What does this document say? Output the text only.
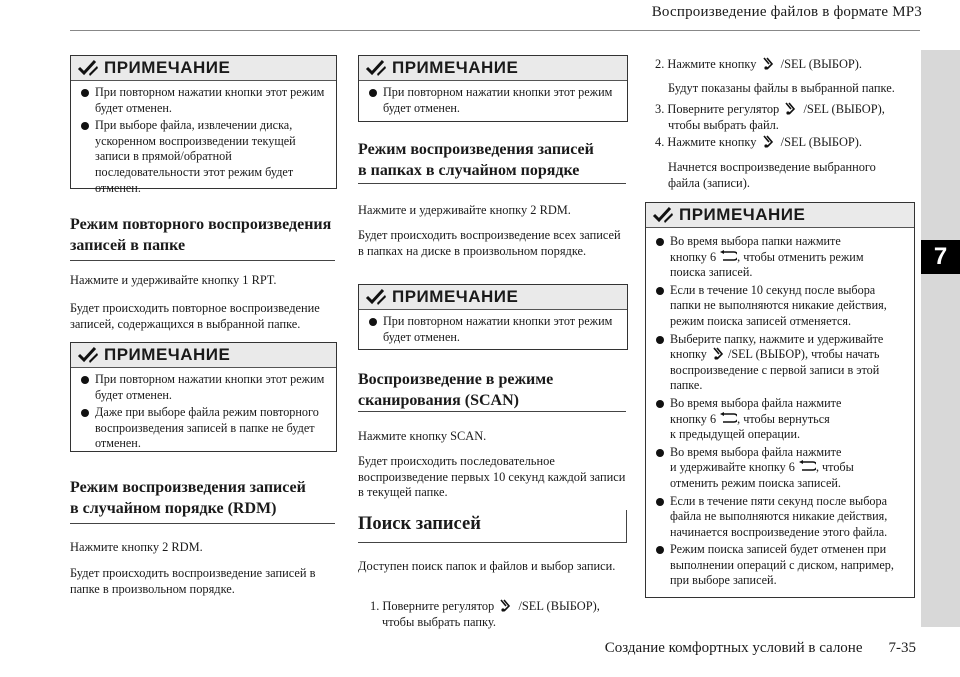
Воспроизведение файлов в формате MP3
7
Создание комфортных условий в салоне 7-35
ПРИМЕЧАНИЕ
При повторном нажатии кнопки этот режим будет отменен.
При выборе файла, извлечении диска, ускоренном воспроизведении текущей записи в прямой/обратной последовательности этот режим будет отменен.
Режим повторного воспроизведения
записей в папке
Нажмите и удерживайте кнопку 1 RPT.
Будет происходить повторное воспроизведение записей, содержащихся в выбранной папке.
ПРИМЕЧАНИЕ
При повторном нажатии кнопки этот режим будет отменен.
Даже при выборе файла режим повторного воспроизведения записей в папке не будет отменен.
Режим воспроизведения записей
в случайном порядке (RDM)
Нажмите кнопку 2 RDM.
Будет происходить воспроизведение записей в папке в произвольном порядке.
ПРИМЕЧАНИЕ
При повторном нажатии кнопки этот режим будет отменен.
Режим воспроизведения записей
в папках в случайном порядке
Нажмите и удерживайте кнопку 2 RDM.
Будет происходить воспроизведение всех записей в папках на диске в произвольном порядке.
ПРИМЕЧАНИЕ
При повторном нажатии кнопки этот режим будет отменен.
Воспроизведение в режиме
сканирования (SCAN)
Нажмите кнопку SCAN.
Будет происходить последовательное воспроизведение первых 10 секунд каждой записи в текущей папке.
Поиск записей
Доступен поиск папок и файлов и выбор записи.
1. Поверните регулятор /SEL (ВЫБОР),
чтобы выбрать папку.
2. Нажмите кнопку /SEL (ВЫБОР).
Будут показаны файлы в выбранной папке.
3. Поверните регулятор /SEL (ВЫБОР),
чтобы выбрать файл.
4. Нажмите кнопку /SEL (ВЫБОР).
Начнется воспроизведение выбранного файла (записи).
ПРИМЕЧАНИЕ
Во время выбора папки нажмите
кнопку 6 , чтобы отменить режим
поиска записей.
Если в течение 10 секунд после выбора папки не выполняются никакие действия, режим поиска записей отменяется.
Выберите папку, нажмите и удерживайте
кнопку /SEL (ВЫБОР), чтобы начать
воспроизведение с первой записи в этой папке.
Во время выбора файла нажмите
кнопку 6 , чтобы вернуться
к предыдущей операции.
Во время выбора файла нажмите
и удерживайте кнопку 6 , чтобы
отменить режим поиска записей.
Если в течение пяти секунд после выбора файла не выполняются никакие действия, начинается воспроизведение этого файла.
Режим поиска записей будет отменен при выполнении операций с диском, например, при выборе записей.
